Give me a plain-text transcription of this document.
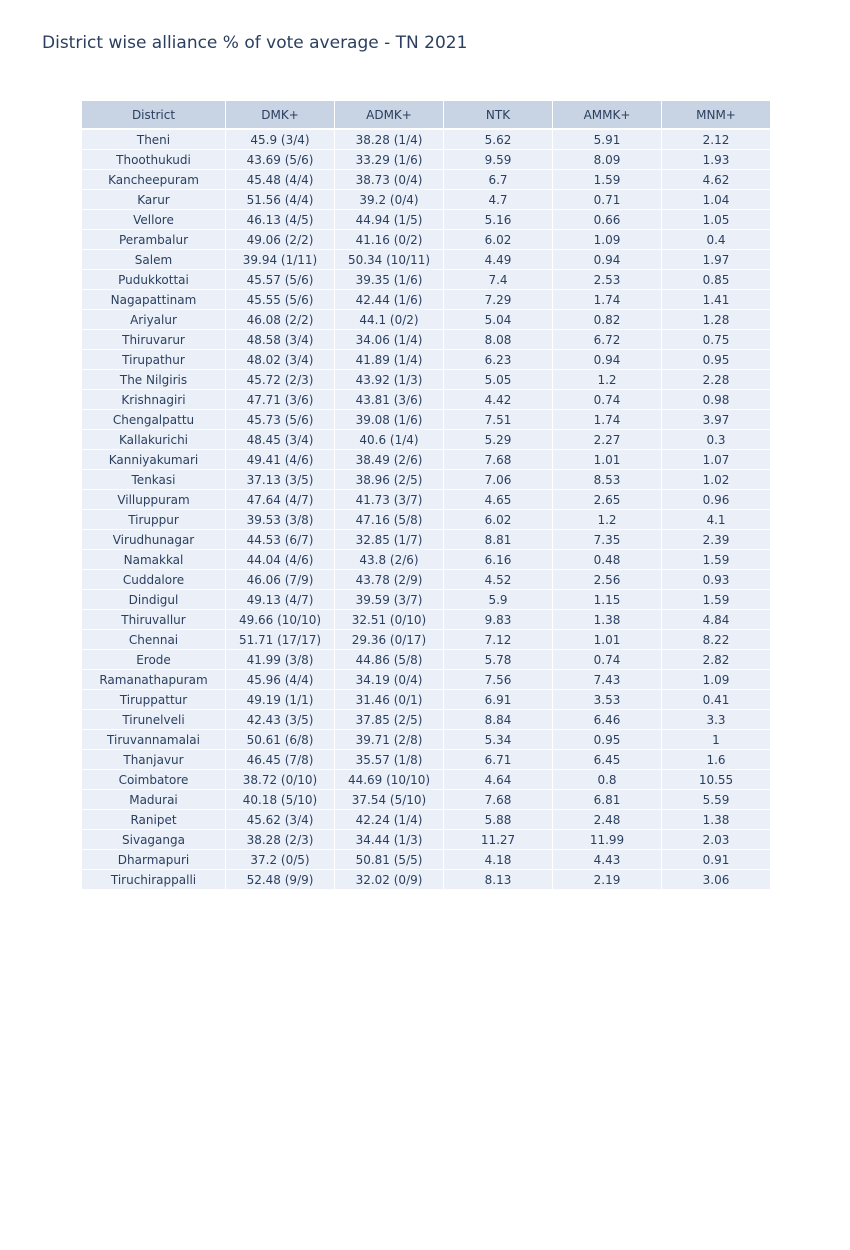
District wise alliance % of vote average - TN 2021
District	DMK+	ADMK+	NTK	AMMK+	MNM+
Theni	45.9 (3/4)	38.28 (1/4)	5.62	5.91	2.12
Thoothukudi	43.69 (5/6)	33.29 (1/6)	9.59	8.09	1.93
Kancheepuram	45.48 (4/4)	38.73 (0/4)	6.7	1.59	4.62
Karur	51.56 (4/4)	39.2 (0/4)	4.7	0.71	1.04
Vellore	46.13 (4/5)	44.94 (1/5)	5.16	0.66	1.05
Perambalur	49.06 (2/2)	41.16 (0/2)	6.02	1.09	0.4
Salem	39.94 (1/11)	50.34 (10/11)	4.49	0.94	1.97
Pudukkottai	45.57 (5/6)	39.35 (1/6)	7.4	2.53	0.85
Nagapattinam	45.55 (5/6)	42.44 (1/6)	7.29	1.74	1.41
Ariyalur	46.08 (2/2)	44.1 (0/2)	5.04	0.82	1.28
Thiruvarur	48.58 (3/4)	34.06 (1/4)	8.08	6.72	0.75
Tirupathur	48.02 (3/4)	41.89 (1/4)	6.23	0.94	0.95
The Nilgiris	45.72 (2/3)	43.92 (1/3)	5.05	1.2	2.28
Krishnagiri	47.71 (3/6)	43.81 (3/6)	4.42	0.74	0.98
Chengalpattu	45.73 (5/6)	39.08 (1/6)	7.51	1.74	3.97
Kallakurichi	48.45 (3/4)	40.6 (1/4)	5.29	2.27	0.3
Kanniyakumari	49.41 (4/6)	38.49 (2/6)	7.68	1.01	1.07
Tenkasi	37.13 (3/5)	38.96 (2/5)	7.06	8.53	1.02
Villuppuram	47.64 (4/7)	41.73 (3/7)	4.65	2.65	0.96
Tiruppur	39.53 (3/8)	47.16 (5/8)	6.02	1.2	4.1
Virudhunagar	44.53 (6/7)	32.85 (1/7)	8.81	7.35	2.39
Namakkal	44.04 (4/6)	43.8 (2/6)	6.16	0.48	1.59
Cuddalore	46.06 (7/9)	43.78 (2/9)	4.52	2.56	0.93
Dindigul	49.13 (4/7)	39.59 (3/7)	5.9	1.15	1.59
Thiruvallur	49.66 (10/10)	32.51 (0/10)	9.83	1.38	4.84
Chennai	51.71 (17/17)	29.36 (0/17)	7.12	1.01	8.22
Erode	41.99 (3/8)	44.86 (5/8)	5.78	0.74	2.82
Ramanathapuram	45.96 (4/4)	34.19 (0/4)	7.56	7.43	1.09
Tiruppattur	49.19 (1/1)	31.46 (0/1)	6.91	3.53	0.41
Tirunelveli	42.43 (3/5)	37.85 (2/5)	8.84	6.46	3.3
Tiruvannamalai	50.61 (6/8)	39.71 (2/8)	5.34	0.95	1
Thanjavur	46.45 (7/8)	35.57 (1/8)	6.71	6.45	1.6
Coimbatore	38.72 (0/10)	44.69 (10/10)	4.64	0.8	10.55
Madurai	40.18 (5/10)	37.54 (5/10)	7.68	6.81	5.59
Ranipet	45.62 (3/4)	42.24 (1/4)	5.88	2.48	1.38
Sivaganga	38.28 (2/3)	34.44 (1/3)	11.27	11.99	2.03
Dharmapuri	37.2 (0/5)	50.81 (5/5)	4.18	4.43	0.91
Tiruchirappalli	52.48 (9/9)	32.02 (0/9)	8.13	2.19	3.06
